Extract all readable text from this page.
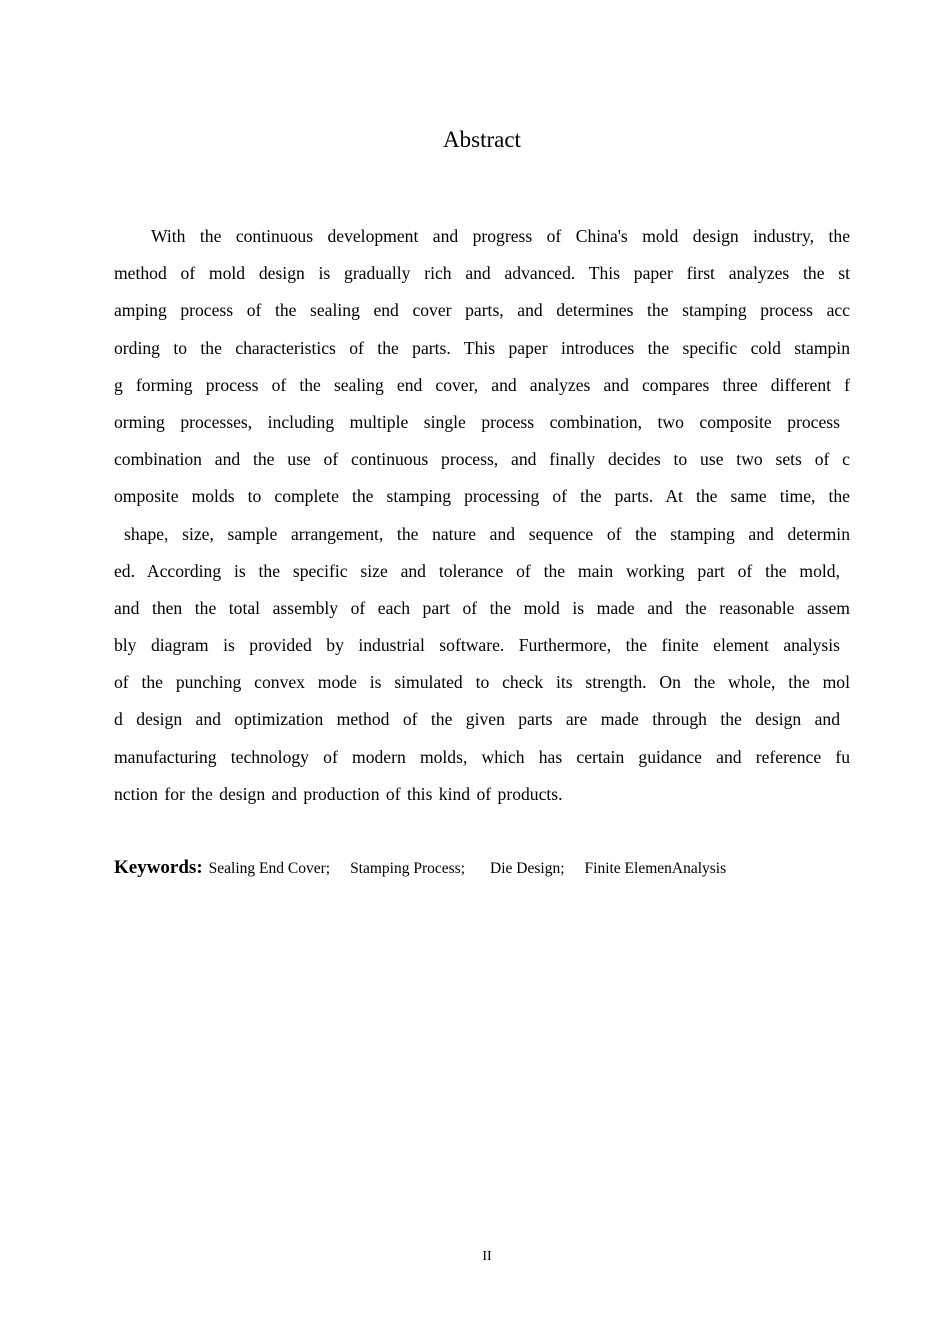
Abstract
With the continuous development and progress of China's mold design industry, the
method of mold design is gradually rich and advanced. This paper first analyzes the st
amping process of the sealing end cover parts, and determines the stamping process acc
ording to the characteristics of the parts. This paper introduces the specific cold stampin
g forming process of the sealing end cover, and analyzes and compares three different f
orming processes, including multiple single process combination, two composite process
combination and the use of continuous process, and finally decides to use two sets of c
omposite molds to complete the stamping processing of the parts. At the same time, the
shape, size, sample arrangement, the nature and sequence of the stamping and determin
ed. According is the specific size and tolerance of the main working part of the mold,
and then the total assembly of each part of the mold is made and the reasonable assem
bly diagram is provided by industrial software. Furthermore, the finite element analysis
of the punching convex mode is simulated to check its strength. On the whole, the mol
d design and optimization method of the given parts are made through the design and
manufacturing technology of modern molds, which has certain guidance and reference fu
nction for the design and production of this kind of products.

Keywords: Sealing End Cover; Stamping Process; Die Design; Finite ElemenAnalysis

II
